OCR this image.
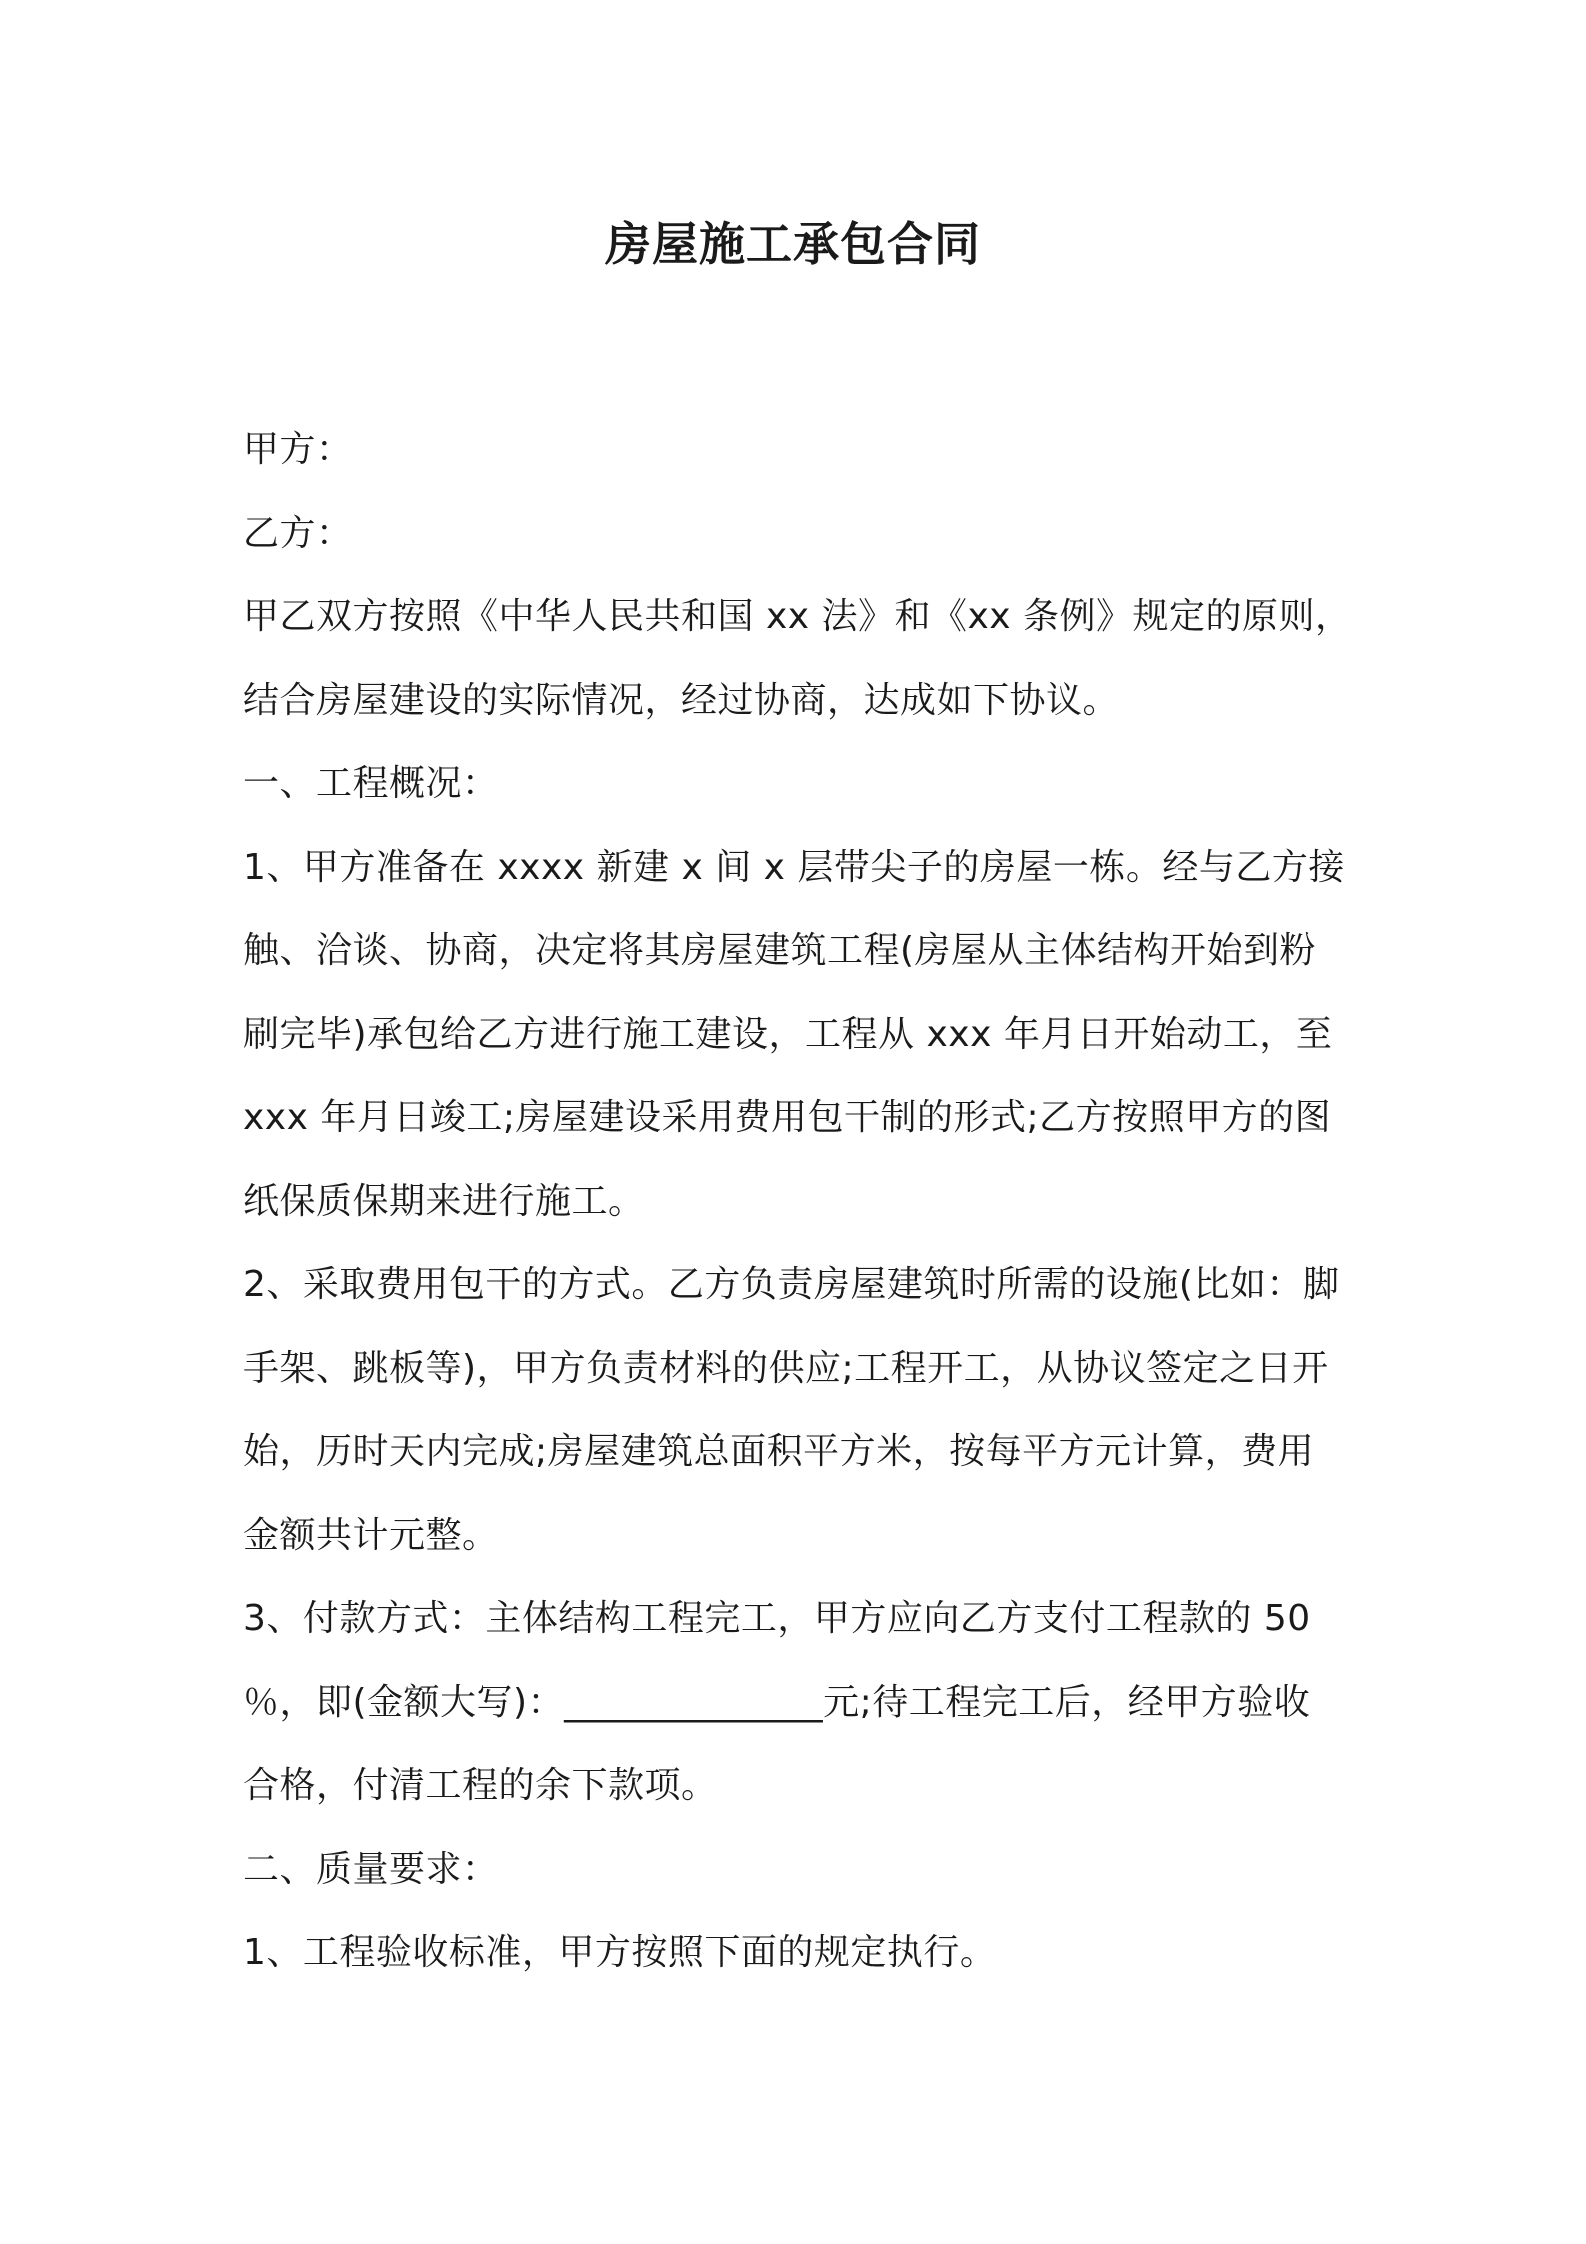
房屋施工承包合同

甲方：

乙方：

甲乙双方按照《中华人民共和国 xx 法》和《xx 条例》规定的原则，

结合房屋建设的实际情况，经过协商，达成如下协议。

一、工程概况：

1、甲方准备在 xxxx 新建 x 间 x 层带尖子的房屋一栋。经与乙方接

触、洽谈、协商，决定将其房屋建筑工程(房屋从主体结构开始到粉

刷完毕)承包给乙方进行施工建设，工程从 xxx 年月日开始动工，至

xxx 年月日竣工;房屋建设采用费用包干制的形式;乙方按照甲方的图

纸保质保期来进行施工。

2、采取费用包干的方式。乙方负责房屋建筑时所需的设施(比如：脚

手架、跳板等)，甲方负责材料的供应;工程开工，从协议签定之日开

始，历时天内完成;房屋建筑总面积平方米，按每平方元计算，费用

金额共计元整。

3、付款方式：主体结构工程完工，甲方应向乙方支付工程款的 50

％，即(金额大写)：______________元;待工程完工后，经甲方验收

合格，付清工程的余下款项。

二、质量要求：

1、工程验收标准，甲方按照下面的规定执行。
